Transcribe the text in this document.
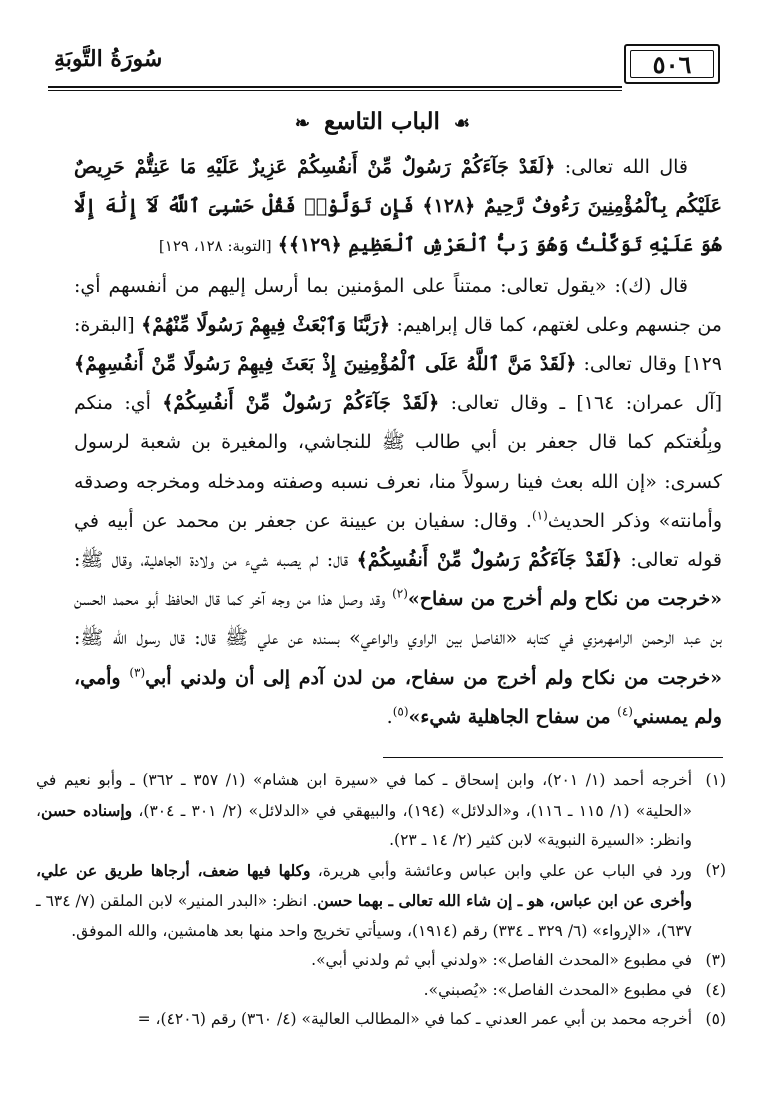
٥٠٦
سُورَةُ التَّوبَةِ
☙ الباب التاسع ❧

قال الله تعالى: ﴿لَقَدْ جَآءَكُمْ رَسُولٌ مِّنْ أَنفُسِكُمْ عَزِيزٌ عَلَيْهِ مَا عَنِتُّمْ حَرِيصٌ عَلَيْكُم بِٱلْمُؤْمِنِينَ رَءُوفٌ رَّحِيمٌ ﴿١٢٨﴾ فَإِن تَوَلَّوْا۟ فَقُلْ حَسْبِىَ ٱللَّهُ لَآ إِلَٰهَ إِلَّا هُوَ عَلَيْهِ تَوَكَّلْتُ وَهُوَ رَبُّ ٱلْعَرْشِ ٱلْعَظِيمِ ﴿١٢٩﴾﴾ [التوبة: ١٢٨، ١٢٩]

قال (ك): «يقول تعالى: ممتناً على المؤمنين بما أرسل إليهم من أنفسهم أي: من جنسهم وعلى لغتهم، كما قال إبراهيم: ﴿رَبَّنَا وَٱبْعَثْ فِيهِمْ رَسُولًا مِّنْهُمْ﴾ [البقرة: ١٢٩] وقال تعالى: ﴿لَقَدْ مَنَّ ٱللَّهُ عَلَى ٱلْمُؤْمِنِينَ إِذْ بَعَثَ فِيهِمْ رَسُولًا مِّنْ أَنفُسِهِمْ﴾ [آل عمران: ١٦٤] ـ وقال تعالى: ﴿لَقَدْ جَآءَكُمْ رَسُولٌ مِّنْ أَنفُسِكُمْ﴾ أي: منكم وبِلُغتكم كما قال جعفر بن أبي طالب ﷺ للنجاشي، والمغيرة بن شعبة لرسول كسرى: «إن الله بعث فينا رسولاً منا، نعرف نسبه وصفته ومدخله ومخرجه وصدقه وأمانته» وذكر الحديث$^{(١)}$. وقال: سفيان بن عيينة عن جعفر بن محمد عن أبيه في قوله تعالى: ﴿لَقَدْ جَآءَكُمْ رَسُولٌ مِّنْ أَنفُسِكُمْ﴾ قال: لم يصبه شيء من ولادة الجاهلية، وقال ﷺ: «خرجت من نكاح ولم أخرج من سفاح»$^{(٢)}$ وقد وصل هذا من وجه آخر كما قال الحافظ أبو محمد الحسن بن عبد الرحمن الرامهرمزي في كتابه «الفاصل بين الراوي والواعي» بسنده عن علي ﷺ قال: قال رسول الله ﷺ: «خرجت من نكاح ولم أخرج من سفاح، من لدن آدم إلى أن ولدني أبي$^{(٣)}$ وأمي، ولم يمسني$^{(٤)}$ من سفاح الجاهلية شيء»$^{(٥)}$.

(١)
أخرجه أحمد (١/ ٢٠١)، وابن إسحاق ـ كما في «سيرة ابن هشام» (١/ ٣٥٧ ـ ٣٦٢) ـ وأبو نعيم في «الحلية» (١/ ١١٥ ـ ١١٦)، و«الدلائل» (١٩٤)، والبيهقي في «الدلائل» (٢/ ٣٠١ ـ ٣٠٤)، وإسناده حسن، وانظر: «السيرة النبوية» لابن كثير (٢/ ١٤ ـ ٢٣).
(٢)
ورد في الباب عن علي وابن عباس وعائشة وأبي هريرة، وكلها فيها ضعف، أرجاها طريق عن علي، وأخرى عن ابن عباس، هو ـ إن شاء الله تعالى ـ بهما حسن. انظر: «البدر المنير» لابن الملقن (٧/ ٦٣٤ ـ ٦٣٧)، «الإرواء» (٦/ ٣٢٩ ـ ٣٣٤) رقم (١٩١٤)، وسيأتي تخريج واحد منها بعد هامشين، والله الموفق.
(٣)
في مطبوع «المحدث الفاصل»: «ولدني أبي ثم ولدني أبي».
(٤)
في مطبوع «المحدث الفاصل»: «يُصبني».
(٥)
أخرجه محمد بن أبي عمر العدني ـ كما في «المطالب العالية» (٤/ ٣٦٠) رقم (٤٢٠٦)، =
